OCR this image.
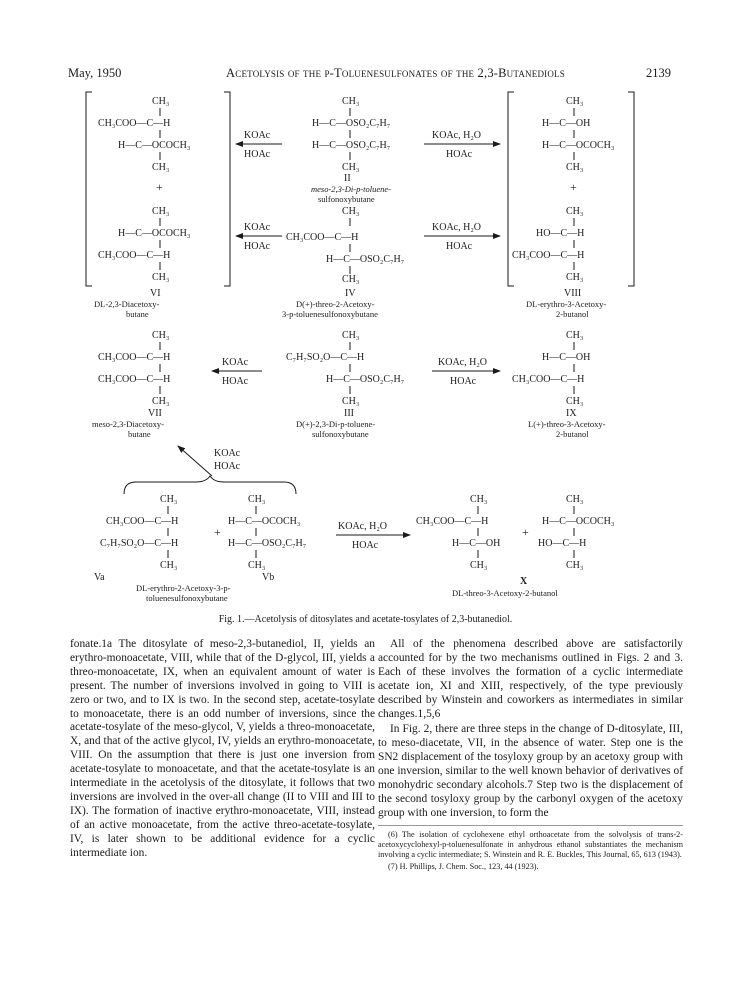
May, 1950	Acetolysis of the p-Toluenesulfonates of the 2,3-Butanediols	2139
CH₃
CH₃COO—C—H
H—C—OCOCH₃
CH₃
+
CH₃
H—C—OCOCH₃
CH₃COO—C—H
CH₃
VI
DL-2,3-Diacetoxy-
butane
KOAc
HOAc
CH₃
H—C—OSO₂C₇H₇
H—C—OSO₂C₇H₇
CH₃
II
meso-2,3-Di-p-toluene-
sulfonoxybutane
KOAc, H₂O
HOAc
CH₃
H—C—OH
H—C—OCOCH₃
CH₃
+
CH₃
HO—C—H
CH₃COO—C—H
CH₃
VIII
DL-erythro-3-Acetoxy-
2-butanol
CH₃
CH₃COO—C—H
H—C—OSO₂C₇H₇
CH₃
KOAc
HOAc
KOAc, H₂O
HOAc
IV
D(+)-threo-2-Acetoxy-
3-p-toluenesulfonoxybutane
CH₃
CH₃COO—C—H
CH₃COO—C—H
CH₃
VII
meso-2,3-Diacetoxy-
butane
KOAc
HOAc
CH₃
C₇H₇SO₂O—C—H
H—C—OSO₂C₇H₇
CH₃
III
D(+)-2,3-Di-p-toluene-
sulfonoxybutane
KOAc, H₂O
HOAc
CH₃
H—C—OH
CH₃COO—C—H
CH₃
IX
L(+)-threo-3-Acetoxy-
2-butanol
KOAc
HOAc
CH₃
CH₃COO—C—H
C₇H₇SO₂O—C—H
CH₃
+
CH₃
H—C—OCOCH₃
H—C—OSO₂C₇H₇
CH₃
Va	Vb
DL-erythro-2-Acetoxy-3-p-
toluenesulfonoxybutane
KOAc, H₂O
HOAc
CH₃
CH₃COO—C—H
H—C—OH
CH₃
+
CH₃
H—C—OCOCH₃
HO—C—H
CH₃
X
DL-threo-3-Acetoxy-2-butanol
Fig. 1.—Acetolysis of ditosylates and acetate-tosylates of 2,3-butanediol.

fonate.1a The ditosylate of meso-2,3-butanediol, II, yields an erythro-monoacetate, VIII, while that of the D-glycol, III, yields a threo-monoacetate, IX, when an equivalent amount of water is present. The number of inversions involved in going to VIII is zero or two, and to IX is two. In the second step, acetate-tosylate to monoacetate, there is an odd number of inversions, since the acetate-tosylate of the meso-glycol, V, yields a threo-monoacetate, X, and that of the active glycol, IV, yields an erythro-monoacetate, VIII. On the assumption that there is just one inversion from acetate-tosylate to monoacetate, and that the acetate-tosylate is an intermediate in the acetolysis of the ditosylate, it follows that two inversions are involved in the over-all change (II to VIII and III to IX). The formation of inactive erythro-monoacetate, VIII, instead of an active monoacetate, from the active threo-acetate-tosylate, IV, is later shown to be additional evidence for a cyclic intermediate ion.

All of the phenomena described above are satisfactorily accounted for by the two mechanisms outlined in Figs. 2 and 3. Each of these involves the formation of a cyclic intermediate acetate ion, XI and XIII, respectively, of the type previously described by Winstein and coworkers as intermediates in similar changes.1,5,6

In Fig. 2, there are three steps in the change of D-ditosylate, III, to meso-diacetate, VII, in the absence of water. Step one is the SN2 displacement of the tosyloxy group by an acetoxy group with one inversion, similar to the well known behavior of derivatives of monohydric secondary alcohols.7 Step two is the displacement of the second tosyloxy group by the carbonyl oxygen of the acetoxy group with one inversion, to form the

(6) The isolation of cyclohexene ethyl orthoacetate from the solvolysis of trans-2-acetoxycyclohexyl-p-toluenesulfonate in anhydrous ethanol substantiates the mechanism involving a cyclic intermediate; S. Winstein and R. E. Buckles, This Journal, 65, 613 (1943).
(7) H. Phillips, J. Chem. Soc., 123, 44 (1923).
